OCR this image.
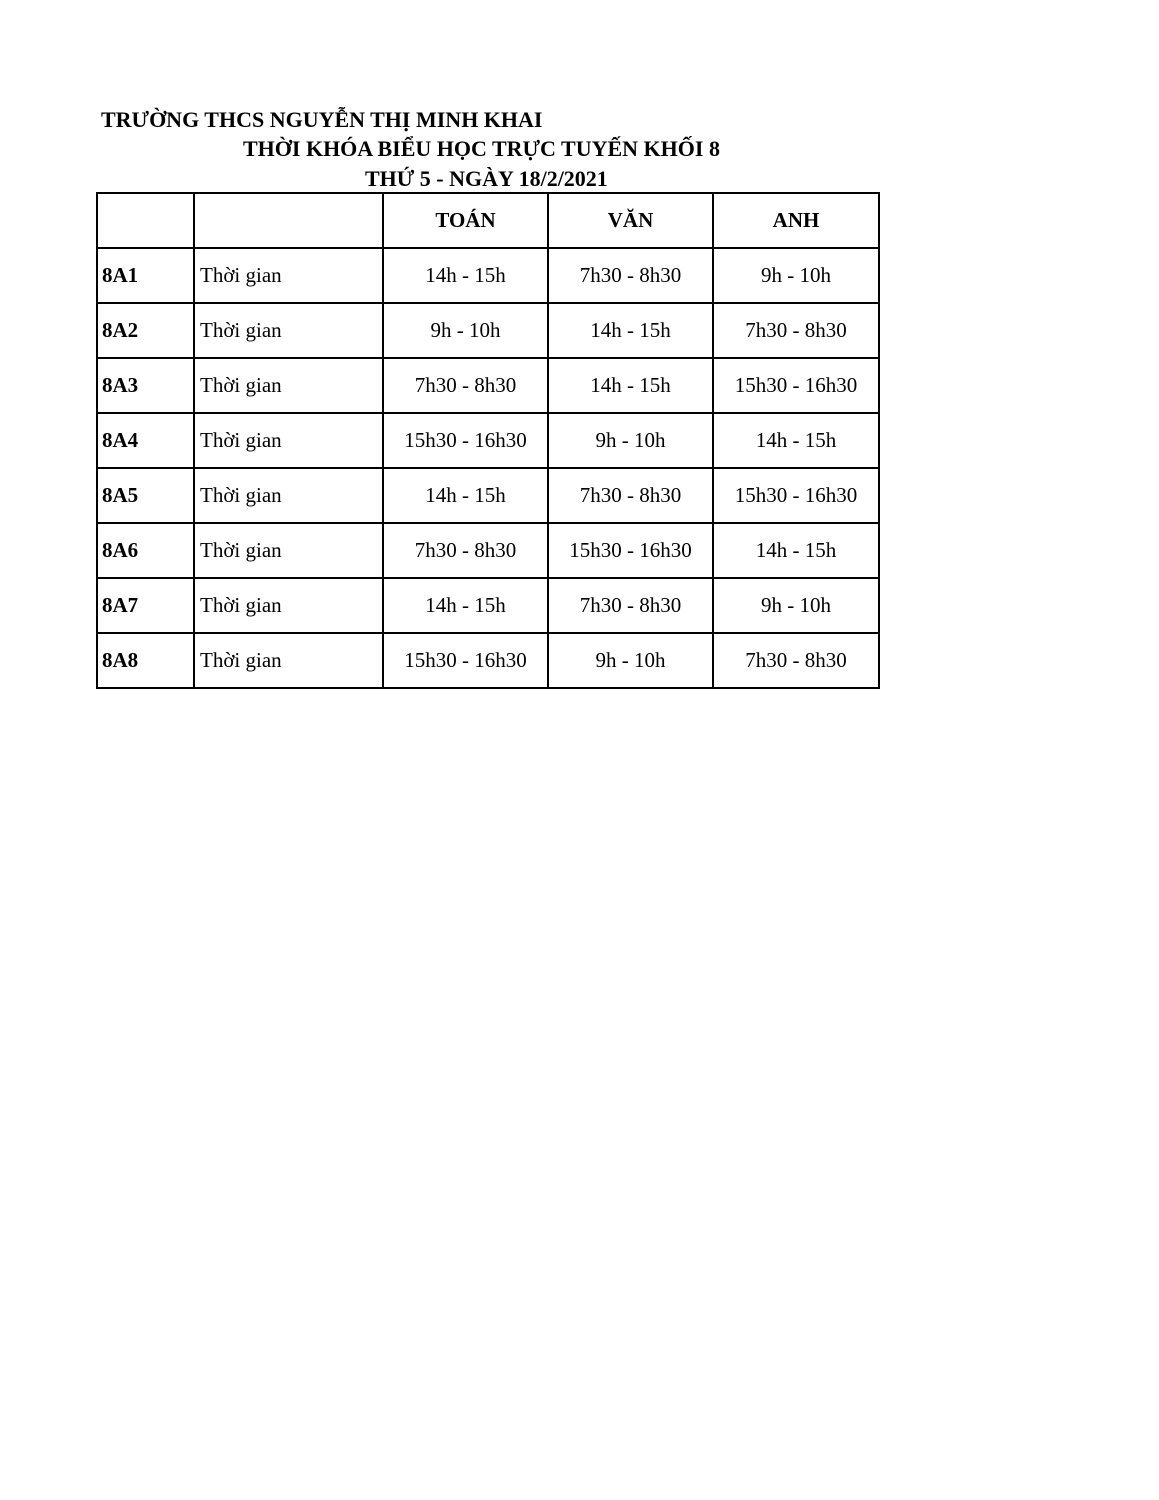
TRƯỜNG THCS NGUYỄN THỊ MINH KHAI
THỜI KHÓA BIỂU HỌC TRỰC TUYẾN KHỐI 8
THỨ 5 - NGÀY 18/2/2021
		TOÁN	VĂN	ANH
8A1	Thời gian	14h - 15h	7h30 - 8h30	9h - 10h
8A2	Thời gian	9h - 10h	14h - 15h	7h30 - 8h30
8A3	Thời gian	7h30 - 8h30	14h - 15h	15h30 - 16h30
8A4	Thời gian	15h30 - 16h30	9h - 10h	14h - 15h
8A5	Thời gian	14h - 15h	7h30 - 8h30	15h30 - 16h30
8A6	Thời gian	7h30 - 8h30	15h30 - 16h30	14h - 15h
8A7	Thời gian	14h - 15h	7h30 - 8h30	9h - 10h
8A8	Thời gian	15h30 - 16h30	9h - 10h	7h30 - 8h30
